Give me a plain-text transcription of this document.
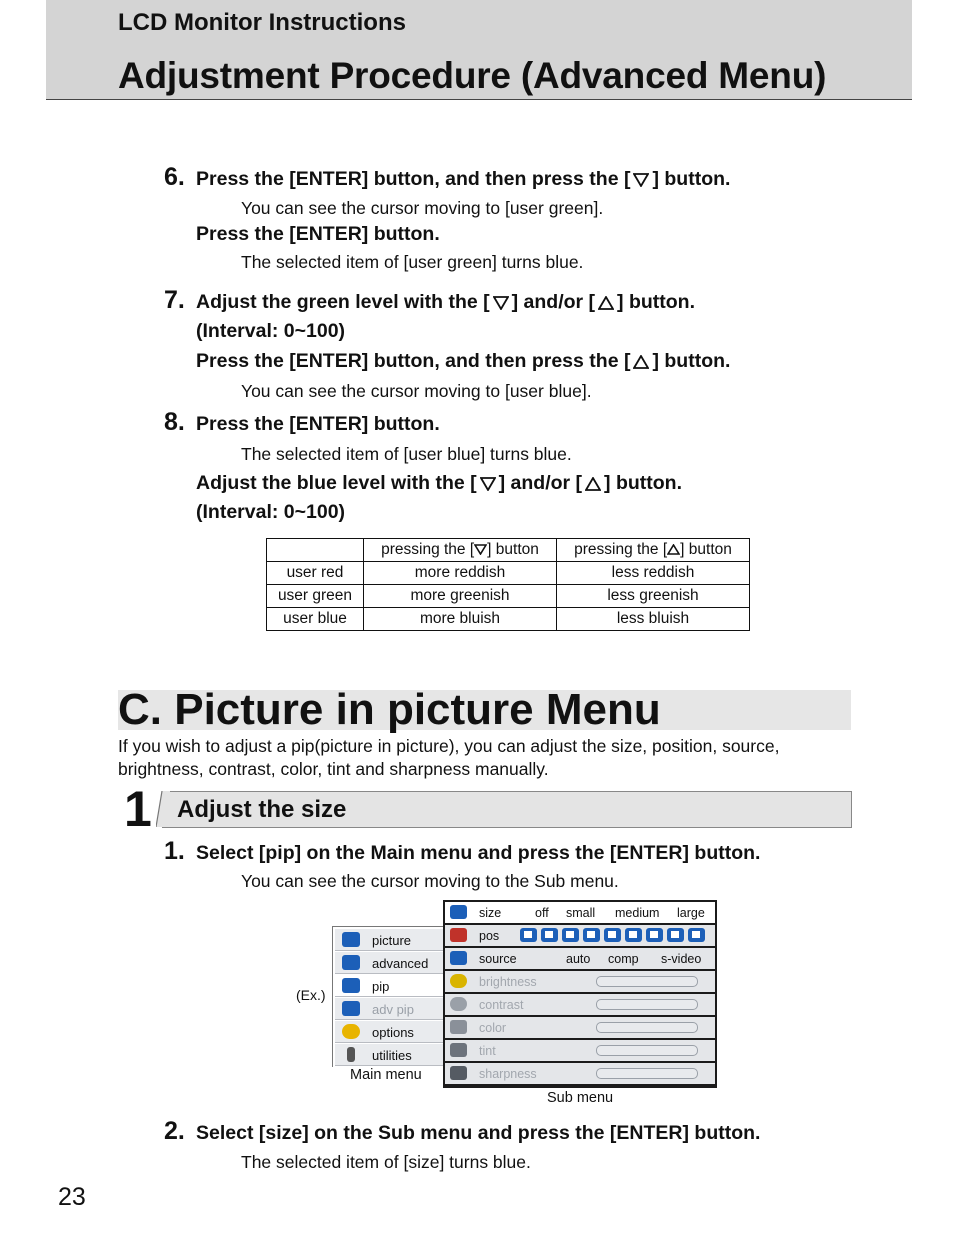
LCD Monitor Instructions
Adjustment Procedure (Advanced Menu)
6. Press the [ENTER] button, and then press the [ ] button.
You can see the cursor moving to [user green].
Press the [ENTER] button.
The selected item of [user green] turns blue.
7. Adjust the green level with the [ ] and/or [ ] button.
(Interval: 0~100)
Press the [ENTER] button, and then press the [ ] button.
You can see the cursor moving to [user blue].
8. Press the [ENTER] button.
The selected item of [user blue] turns blue.
Adjust the blue level with the [ ] and/or [ ] button.
(Interval: 0~100)
	pressing the [ ] button	pressing the [ ] button
user red	more reddish	less reddish
user green	more greenish	less greenish
user blue	more bluish	less bluish
C. Picture in picture Menu
If you wish to adjust a pip(picture in picture), you can adjust the size, position, source,
brightness, contrast, color, tint and sharpness manually.
1 Adjust the size
1. Select [pip] on the Main menu and press the [ENTER] button.
You can see the cursor moving to the Sub menu.
(Ex.)
picture
advanced
pip
adv pip
options
utilities
Main menu
size	off small medium large
pos
source	auto comp s-video
brightness
contrast
color
tint
sharpness
Sub menu
2. Select [size] on the Sub menu and press the [ENTER] button.
The selected item of [size] turns blue.
23
